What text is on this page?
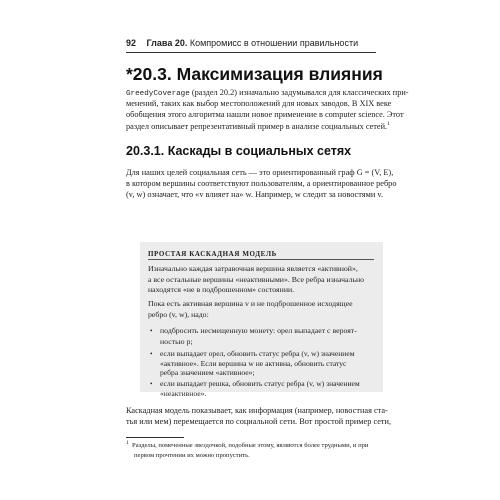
92 Глава 20. Компромисс в отношении правильности
*20.3. Максимизация влияния
GreedyCoverage (раздел 20.2) изначально задумывался для классических при-
менений, таких как выбор местоположений для новых заводов. В XIX веке
обобщения этого алгоритма нашли новое применение в computer science. Этот
раздел описывает репрезентативный пример в анализе социальных сетей.$^1$
20.3.1. Каскады в социальных сетях
Для наших целей социальная сеть — это ориентированный граф G = (V, E),
в котором вершины соответствуют пользователям, а ориентированное ребро
(v, w) означает, что «v влияет на» w. Например, w следит за новостями v.
ПРОСТАЯ КАСКАДНАЯ МОДЕЛЬ
Изначально каждая затравочная вершина является «активной»,
а все остальные вершины «неактивными». Все ребра изначально
находятся «не в подброшенном» состоянии.
Пока есть активная вершина v и не подброшенное исходящее
ребро (v, w), надо:
• подбросить несмещенную монету: орел выпадает с вероят-
ностью p;
• если выпадает орел, обновить статус ребра (v, w) значением
«активное». Если вершина w не активна, обновить статус
ребра значением «активное»;
• если выпадает решка, обновить статус ребра (v, w) значением
«неактивное».
Каскадная модель показывает, как информация (например, новостная ста-
тья или мем) перемещается по социальной сети. Вот простой пример сети,
$^1$ Разделы, помеченные звездочкой, подобные этому, являются более трудными, и при
первом прочтении их можно пропустить.
